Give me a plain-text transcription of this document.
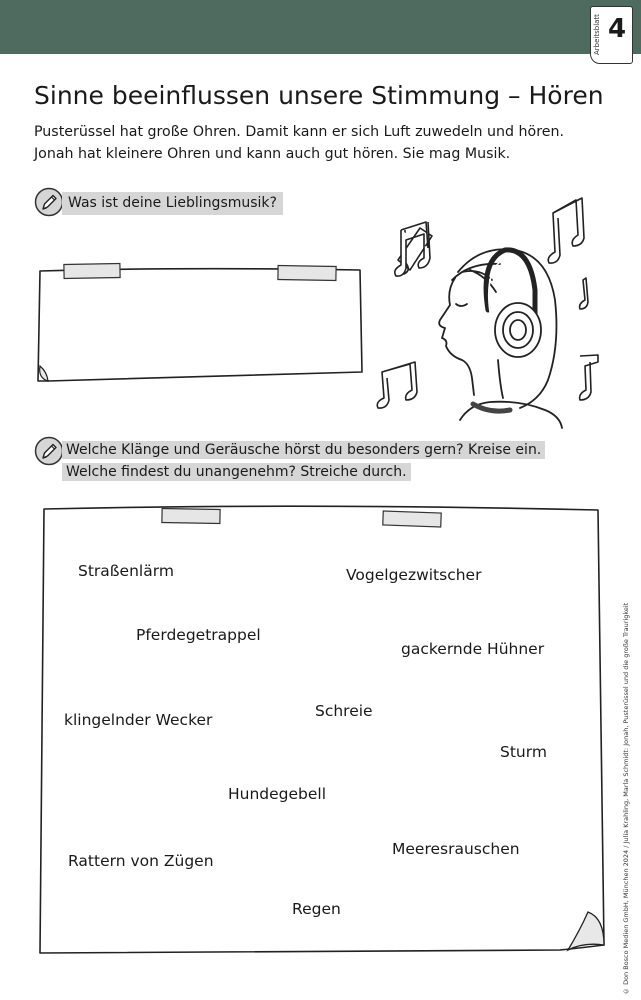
Arbeitsblatt 4
Sinne beeinflussen unsere Stimmung – Hören
Pusterüssel hat große Ohren. Damit kann er sich Luft zuwedeln und hören.
Jonah hat kleinere Ohren und kann auch gut hören. Sie mag Musik.
Was ist deine Lieblingsmusik?
Welche Klänge und Geräusche hörst du besonders gern? Kreise ein.
Welche findest du unangenehm? Streiche durch.
Straßenlärm	Vogelgezwitscher
Pferdegetrappel
gackernde Hühner
klingelnder Wecker	Schreie
Sturm
Hundegebell
Meeresrauschen
Rattern von Zügen
Regen	© Don Bosco Medien GmbH, München 2024 / Julia Krahling, Marla Schmidt: Jonah, Pusterüssel und die große Traurigkeit
